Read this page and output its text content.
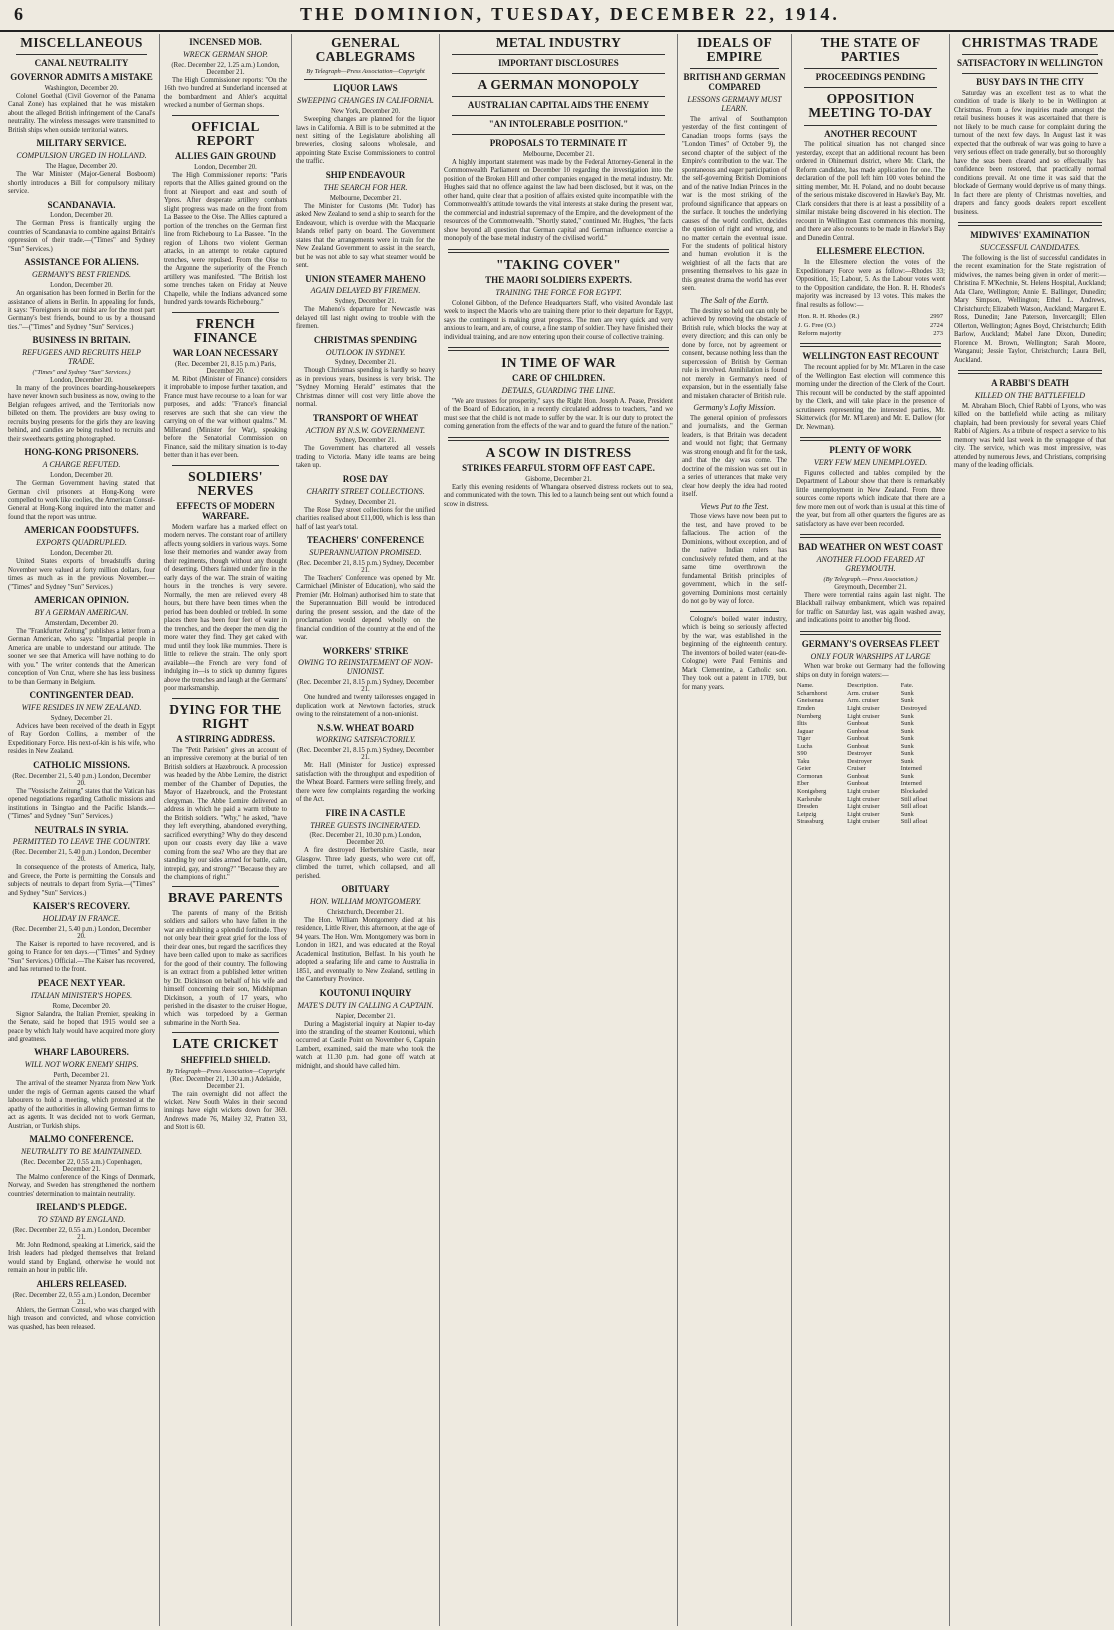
6	THE DOMINION, TUESDAY, DECEMBER 22, 1914.
MISCELLANEOUS
CANAL NEUTRALITY
GOVERNOR ADMITS A MISTAKE
Washington, December 20.

Colonel Goethal (Civil Governor of the Panama Canal Zone) has explained that he was mistaken about the alleged British infringement of the Canal's neutrality. The wireless messages were transmitted to British ships when outside territorial waters.

MILITARY SERVICE.
COMPULSION URGED IN HOLLAND.
The Hague, December 20.

The War Minister (Major-General Bosboom) shortly introduces a Bill for compulsory military service.

SCANDANAVIA.
London, December 20.

The German Press is frantically urging the countries of Scandanavia to combine against Britain's oppression of their trade.—("Times" and Sydney "Sun" Services.)

ASSISTANCE FOR ALIENS.
GERMANY'S BEST FRIENDS.
London, December 20.

An organisation has been formed in Berlin for the assistance of aliens in Berlin. In appealing for funds, it says: "Foreigners in our midst are for the most part Germany's best friends, bound to us by a thousand ties."—("Times" and Sydney "Sun" Services.)

BUSINESS IN BRITAIN.
REFUGEES AND RECRUITS HELP TRADE.
("Times" and Sydney "Sun" Services.)
London, December 20.

In many of the provinces boarding-housekeepers have never known such business as now, owing to the Belgian refugees arrived, and the Territorials now billeted on them. The providers are busy owing to recruits buying presents for the girls they are leaving behind, and candies are being rushed to recruits and their sweethearts getting photographed.

HONG-KONG PRISONERS.
A CHARGE REFUTED.
London, December 20.

The German Government having stated that German civil prisoners at Hong-Kong were compelled to work like coolies, the American Consul-General at Hong-Kong inquired into the matter and found that the report was untrue.

AMERICAN FOODSTUFFS.
EXPORTS QUADRUPLED.
London, December 20.

United States exports of breadstuffs during November were valued at forty million dollars, four times as much as in the previous November.—("Times" and Sydney "Sun" Services.)

AMERICAN OPINION.
BY A GERMAN AMERICAN.
Amsterdam, December 20.

The "Frankfurter Zeitung" publishes a letter from a German American, who says: "Impartial people in America are unable to understand our attitude. The sooner we see that America will have nothing to do with you." The writer contends that the American conception of Von Cruz, where she has less business to be than Germany in Belgium.

CONTINGENTER DEAD.
WIFE RESIDES IN NEW ZEALAND.
Sydney, December 21.

Advices have been received of the death in Egypt of Ray Gordon Collins, a member of the Expeditionary Force. His next-of-kin is his wife, who resides in New Zealand.

CATHOLIC MISSIONS.
(Rec. December 21, 5.40 p.m.) London, December 20.

The "Vossische Zeitung" states that the Vatican has opened negotiations regarding Catholic missions and institutions in Tsingtao and the Pacific Islands.—("Times" and Sydney "Sun" Services.)

NEUTRALS IN SYRIA.
PERMITTED TO LEAVE THE COUNTRY.
(Rec. December 21, 5.40 p.m.) London, December 20.

In consequence of the protests of America, Italy, and Greece, the Porte is permitting the Consuls and subjects of neutrals to depart from Syria.—("Times" and Sydney "Sun" Services.)

KAISER'S RECOVERY.
HOLIDAY IN FRANCE.
(Rec. December 21, 5.40 p.m.) London, December 20.

The Kaiser is reported to have recovered, and is going to France for ten days.—("Times" and Sydney "Sun" Services.) Official.—The Kaiser has recovered, and has returned to the front.

PEACE NEXT YEAR.
ITALIAN MINISTER'S HOPES.
Rome, December 20.

Signor Salandra, the Italian Premier, speaking in the Senate, said he hoped that 1915 would see a peace by which Italy would have acquired more glory and greatness.

WHARF LABOURERS.
WILL NOT WORK ENEMY SHIPS.
Perth, December 21.

The arrival of the steamer Nyanza from New York under the regis of German agents caused the wharf labourers to hold a meeting, which protested at the apathy of the authorities in allowing German firms to act as agents. It was decided not to work German, Austrian, or Turkish ships.

MALMO CONFERENCE.
NEUTRALITY TO BE MAINTAINED.
(Rec. December 22, 0.55 a.m.) Copenhagen, December 21.

The Malmo conference of the Kings of Denmark, Norway, and Sweden has strengthened the northern countries' determination to maintain neutrality.

IRELAND'S PLEDGE.
TO STAND BY ENGLAND.
(Rec. December 22, 0.55 a.m.) London, December 21.

Mr. John Redmond, speaking at Limerick, said the Irish leaders had pledged themselves that Ireland would stand by England, otherwise he would not remain an hour in public life.

AHLERS RELEASED.
(Rec. December 22, 0.55 a.m.) London, December 21.

Ahlers, the German Consul, who was charged with high treason and convicted, and whose conviction was quashed, has been released.

INCENSED MOB.
WRECK GERMAN SHOP.
(Rec. December 22, 1.25 a.m.) London, December 21.

The High Commissioner reports: "On the 16th two hundred at Sunderland incensed at the bombardment and Ahler's acquittal wrecked a number of German shops.

OFFICIAL REPORT
ALLIES GAIN GROUND
London, December 20.

The High Commissioner reports: "Paris reports that the Allies gained ground on the front at Nieuport and east and south of Ypres. After desperate artillery combats slight progress was made on the front from La Bassee to the Oise. The Allies captured a portion of the trenches on the German first line from Richebourg to La Bassee. "In the region of Lihons two violent German attacks, in an attempt to retake captured trenches, were repulsed. From the Oise to the Argonne the superiority of the French artillery was manifested. "The British lost some trenches taken on Friday at Neuve Chapelle, while the Indians advanced some hundred yards towards Richebourg."

FRENCH FINANCE
WAR LOAN NECESSARY
(Rec. December 21, 8.15 p.m.) Paris, December 20.

M. Ribot (Minister of Finance) considers it improbable to impose further taxation, and France must have recourse to a loan for war purposes, and adds: "France's financial reserves are such that she can view the carrying on of the war without qualms." M. Millerand (Minister for War), speaking before the Senatorial Commission on Finance, said the military situation is to-day better than it has ever been.

SOLDIERS' NERVES
EFFECTS OF MODERN WARFARE.

Modern warfare has a marked effect on modern nerves. The constant roar of artillery affects young soldiers in various ways. Some lose their memories and wander away from their regiments, though without any thought of deserting. Others fainted under fire in the early days of the war. The strain of waiting hours in the trenches is very severe. Normally, the men are relieved every 48 hours, but there have been times when the period has been doubled or trebled. In some places there has been four feet of water in the trenches, and the deeper the men dig the more water they find. They get caked with mud until they look like mummies. There is little to relieve the strain. The only sport available—the French are very fond of indulging in—is to stick up dummy figures above the trenches and laugh at the Germans' poor marksmanship.

DYING FOR THE RIGHT
A STIRRING ADDRESS.

The "Petit Parisien" gives an account of an impressive ceremony at the burial of ten British soldiers at Hazebrouck. A procession was headed by the Abbe Lemire, the district member of the Chamber of Deputies, the Mayor of Hazebrouck, and the Protestant clergyman. The Abbe Lemire delivered an address in which he paid a warm tribute to the British soldiers. "Why," he asked, "have they left everything, abandoned everything, sacrificed everything? Why do they descend upon our coasts every day like a wave coming from the sea? Who are they that are standing by our sides armed for battle, calm, intrepid, gay, and strong?" "Because they are the champions of right."

BRAVE PARENTS

The parents of many of the British soldiers and sailors who have fallen in the war are exhibiting a splendid fortitude. They not only bear their great grief for the loss of their dear ones, but regard the sacrifices they have been called upon to make as sacrifices for the good of their country. The following is an extract from a published letter written by Dr. Dickinson on behalf of his wife and himself concerning their son, Midshipman Dickinson, a youth of 17 years, who perished in the disaster to the cruiser Hogue, which was torpedoed by a German submarine in the North Sea.

LATE CRICKET
SHEFFIELD SHIELD.
By Telegraph—Press Association—Copyright
(Rec. December 21, 1.30 a.m.) Adelaide, December 21.

The rain overnight did not affect the wicket. New South Wales in their second innings have eight wickets down for 369. Andrews made 76, Mailey 32, Pratten 33, and Stott is 60.

GENERAL CABLEGRAMS
By Telegraph—Press Association—Copyright
LIQUOR LAWS
SWEEPING CHANGES IN CALIFORNIA.
New York, December 20.

Sweeping changes are planned for the liquor laws in California. A Bill is to be submitted at the next sitting of the Legislature abolishing all breweries, closing saloons wholesale, and appointing State Excise Commissioners to control the traffic.

SHIP ENDEAVOUR
THE SEARCH FOR HER.
Melbourne, December 21.

The Minister for Customs (Mr. Tudor) has asked New Zealand to send a ship to search for the Endeavour, which is overdue with the Macquarie Islands relief party on board. The Government states that the arrangements were in train for the New Zealand Government to assist in the search, but he was not able to say what steamer would be sent.

UNION STEAMER MAHENO
AGAIN DELAYED BY FIREMEN.
Sydney, December 21.

The Maheno's departure for Newcastle was delayed till last night owing to trouble with the firemen.

CHRISTMAS SPENDING
OUTLOOK IN SYDNEY.
Sydney, December 21.

Though Christmas spending is hardly so heavy as in previous years, business is very brisk. The "Sydney Morning Herald" estimates that the Christmas dinner will cost very little above the normal.

TRANSPORT OF WHEAT
ACTION BY N.S.W. GOVERNMENT.
Sydney, December 21.

The Government has chartered all vessels trading to Victoria. Many idle teams are being taken up.

ROSE DAY
CHARITY STREET COLLECTIONS.
Sydney, December 21.

The Rose Day street collections for the unified charities realised about £11,000, which is less than half of last year's total.

TEACHERS' CONFERENCE
SUPERANNUATION PROMISED.
(Rec. December 21, 8.15 p.m.) Sydney, December 21.

The Teachers' Conference was opened by Mr. Carmichael (Minister of Education), who said the Premier (Mr. Holman) authorised him to state that the Superannuation Bill would be introduced during the present session, and the date of the proclamation would depend wholly on the financial condition of the country at the end of the war.

WORKERS' STRIKE
OWING TO REINSTATEMENT OF NON-UNIONIST.
(Rec. December 21, 8.15 p.m.) Sydney, December 21.

One hundred and twenty tailoresses engaged in duplication work at Newtown factories, struck owing to the reinstatement of a non-unionist.

N.S.W. WHEAT BOARD
WORKING SATISFACTORILY.
(Rec. December 21, 8.15 p.m.) Sydney, December 21.

Mr. Hall (Minister for Justice) expressed satisfaction with the throughput and expedition of the Wheat Board. Farmers were selling freely, and there were few complaints regarding the working of the Act.

FIRE IN A CASTLE
THREE GUESTS INCINERATED.
(Rec. December 21, 10.30 p.m.) London, December 20.

A fire destroyed Herbertshire Castle, near Glasgow. Three lady guests, who were cut off, climbed the turret, which collapsed, and all perished.

OBITUARY
HON. WILLIAM MONTGOMERY.
Christchurch, December 21.

The Hon. William Montgomery died at his residence, Little River, this afternoon, at the age of 94 years. The Hon. Wm. Montgomery was born in London in 1821, and was educated at the Royal Academical Institution, Belfast. In his youth he adopted a seafaring life and came to Australia in 1851, and eventually to New Zealand, settling in the Canterbury Province.

KOUTONUI INQUIRY
MATE'S DUTY IN CALLING A CAPTAIN.
Napier, December 21.

During a Magisterial inquiry at Napier to-day into the stranding of the steamer Koutonui, which occurred at Castle Point on November 6, Captain Lambert, examined, said the mate who took the watch at 11.30 p.m. had gone off watch at midnight, and should have called him.

METAL INDUSTRY
IMPORTANT DISCLOSURES
A GERMAN MONOPOLY
AUSTRALIAN CAPITAL AIDS THE ENEMY
"AN INTOLERABLE POSITION."
PROPOSALS TO TERMINATE IT
Melbourne, December 21.

A highly important statement was made by the Federal Attorney-General in the Commonwealth Parliament on December 10 regarding the investigation into the position of the Broken Hill and other companies engaged in the metal industry. Mr. Hughes said that no offence against the law had been disclosed, but it was, on the other hand, quite clear that a position of affairs existed quite incompatible with the Commonwealth's attitude towards the vital interests at stake during the present war, the commercial and industrial supremacy of the Empire, and the development of the resources of the Commonwealth. "Shortly stated," continued Mr. Hughes, "the facts show beyond all question that German capital and German influence exercise a monopoly of the base metal industry of the civilised world."

"TAKING COVER"
THE MAORI SOLDIERS EXPERTS.
TRAINING THE FORCE FOR EGYPT.

Colonel Gibbon, of the Defence Headquarters Staff, who visited Avondale last week to inspect the Maoris who are training there prior to their departure for Egypt, says the contingent is making great progress. The men are very quick and very anxious to learn, and are, of course, a fine stamp of soldier. They have finished their individual training, and are now entering upon their course of collective training.

IN TIME OF WAR
CARE OF CHILDREN.
DETAILS, GUARDING THE LINE.

"We are trustees for prosperity," says the Right Hon. Joseph A. Pease, President of the Board of Education, in a recently circulated address to teachers, "and we must see that the child is not made to suffer by the war. It is our duty to protect the coming generation from the effects of the war and to guard the future of the nation."

A SCOW IN DISTRESS
STRIKES FEARFUL STORM OFF EAST CAPE.
Gisborne, December 21.

Early this evening residents of Whangara observed distress rockets out to sea, and communicated with the town. This led to a launch being sent out which found a scow in distress.

IDEALS OF EMPIRE
BRITISH AND GERMAN COMPARED
LESSONS GERMANY MUST LEARN.

The arrival of Southampton yesterday of the first contingent of Canadian troops forms (says the "London Times" of October 9), the second chapter of the subject of the Empire's contribution to the war. The spontaneous and eager participation of the self-governing British Dominions and of the native Indian Princes in the war is the most striking of the profound significance that appears on the surface. It touches the underlying causes of the world conflict, decides the question of right and wrong, and no matter certain the eventual issue. For the students of political history and human evolution it is the weightiest of all the facts that are presenting themselves to his gaze in this greatest drama the world has ever seen.

The Salt of the Earth.

The destiny so held out can only be achieved by removing the obstacle of British rule, which blocks the way at every direction; and this can only be done by force, not by agreement or consent, because nothing less than the supercession of British by German rule is involved. Annihilation is found not merely in Germany's need of expansion, but in the essentially false and mistaken character of British rule.

Germany's Lofty Mission.

The general opinion of professors and journalists, and the German leaders, is that Britain was decadent and would not fight; that Germany was strong enough and fit for the task, and that the day was come. The doctrine of the mission was set out in a series of utterances that make very clear how deeply the idea had rooted itself.

Views Put to the Test.

Those views have now been put to the test, and have proved to be fallacious. The action of the Dominions, without exception, and of the native Indian rulers has conclusively refuted them, and at the same time overthrown the fundamental British principles of government, which in the self-governing Dominions most certainly do not go by way of force.

Cologne's boiled water industry, which is being so seriously affected by the war, was established in the beginning of the eighteenth century. The inventors of boiled water (eau-de-Cologne) were Paul Feminis and Mark Clementine, a Catholic son. They took out a patent in 1709, but for many years.

THE STATE OF PARTIES
PROCEEDINGS PENDING
OPPOSITION MEETING TO-DAY
ANOTHER RECOUNT

The political situation has not changed since yesterday, except that an additional recount has been ordered in Ohinemuri district, where Mr. Clark, the Reform candidate, has made application for one. The declaration of the poll left him 100 votes behind the sitting member, Mr. H. Poland, and no doubt because of the serious mistake discovered in Hawke's Bay, Mr. Clark considers that there is at least a possibility of a similar mistake being discovered in his election. The recount in Wellington East commences this morning, and there are also recounts to be made in Hawke's Bay and Dunedin Central.

ELLESMERE ELECTION.

In the Ellesmere election the votes of the Expeditionary Force were as follow:—Rhodes 33; Opposition, 15; Labour, 5. As the Labour votes went to the Opposition candidate, the Hon. R. H. Rhodes's majority was increased by 13 votes. This makes the final results as follow:—

Hon. R. H. Rhodes (R.)	2997
J. G. Free (O.)	2724
Reform majority	273
WELLINGTON EAST RECOUNT

The recount applied for by Mr. M'Laren in the case of the Wellington East election will commence this morning under the direction of the Clerk of the Court. This recount will be conducted by the staff appointed by the Clerk, and will take place in the presence of scrutineers representing the interested parties, Mr. Skitterwick (for Mr. M'Laren) and Mr. E. Dallow (for Dr. Newman).

PLENTY OF WORK
VERY FEW MEN UNEMPLOYED.

Figures collected and tables compiled by the Department of Labour show that there is remarkably little unemployment in New Zealand. From three sources come reports which indicate that there are a few more men out of work than is usual at this time of the year, but from all other quarters the figures are as satisfactory as have ever been recorded.

BAD WEATHER ON WEST COAST
ANOTHER FLOOD FEARED AT GREYMOUTH.
(By Telegraph.—Press Association.)
Greymouth, December 21.

There were torrential rains again last night. The Blackball railway embankment, which was repaired for traffic on Saturday last, was again washed away, and indications point to another big flood.

GERMANY'S OVERSEAS FLEET
ONLY FOUR WARSHIPS AT LARGE

When war broke out Germany had the following ships on duty in foreign waters:—

Name.	Description.	Fate.
Scharnhorst	Arm. cruiser	Sunk
Gneisenau	Arm. cruiser	Sunk
Emden	Light cruiser	Destroyed
Nurnberg	Light cruiser	Sunk
Iltis	Gunboat	Sunk
Jaguar	Gunboat	Sunk
Tiger	Gunboat	Sunk
Luchs	Gunboat	Sunk
S90	Destroyer	Sunk
Taku	Destroyer	Sunk
Geier	Cruiser	Interned
Cormoran	Gunboat	Sunk
Eber	Gunboat	Interned
Konigsberg	Light cruiser	Blockaded
Karlsruhe	Light cruiser	Still afloat
Dresden	Light cruiser	Still afloat
Leipzig	Light cruiser	Sunk
Strassburg	Light cruiser	Still afloat
CHRISTMAS TRADE
SATISFACTORY IN WELLINGTON
BUSY DAYS IN THE CITY

Saturday was an excellent test as to what the condition of trade is likely to be in Wellington at Christmas. From a few inquiries made amongst the retail business houses it was ascertained that there is not likely to be much cause for complaint during the turnout of the next few days. In August last it was expected that the outbreak of war was going to have a very serious effect on trade generally, but so thoroughly have the seas been cleared and so effectually has confidence been restored, that practically normal conditions prevail. At one time it was said that the blockade of Germany would deprive us of many things. In fact there are plenty of Christmas novelties, and drapers and fancy goods dealers report excellent business.

MIDWIVES' EXAMINATION
SUCCESSFUL CANDIDATES.

The following is the list of successful candidates in the recent examination for the State registration of midwives, the names being given in order of merit:—Christina F. M'Kechnie, St. Helens Hospital, Auckland; Ada Clare, Wellington; Annie E. Ballinger, Dunedin; Mary Simpson, Wellington; Ethel L. Andrews, Christchurch; Elizabeth Watson, Auckland; Margaret E. Ross, Dunedin; Jane Paterson, Invercargill; Ellen Ollerton, Wellington; Agnes Boyd, Christchurch; Edith Barlow, Auckland; Mabel Jane Dixon, Dunedin; Florence M. Brown, Wellington; Sarah Moore, Wanganui; Jessie Taylor, Christchurch; Laura Bell, Auckland.

A RABBI'S DEATH
KILLED ON THE BATTLEFIELD

M. Abraham Bloch, Chief Rabbi of Lyons, who was killed on the battlefield while acting as military chaplain, had been previously for several years Chief Rabbi of Algiers. As a tribute of respect a service to his memory was held last week in the synagogue of that city. The service, which was most impressive, was attended by numerous Jews, and Christians, comprising many of the leading officials.
